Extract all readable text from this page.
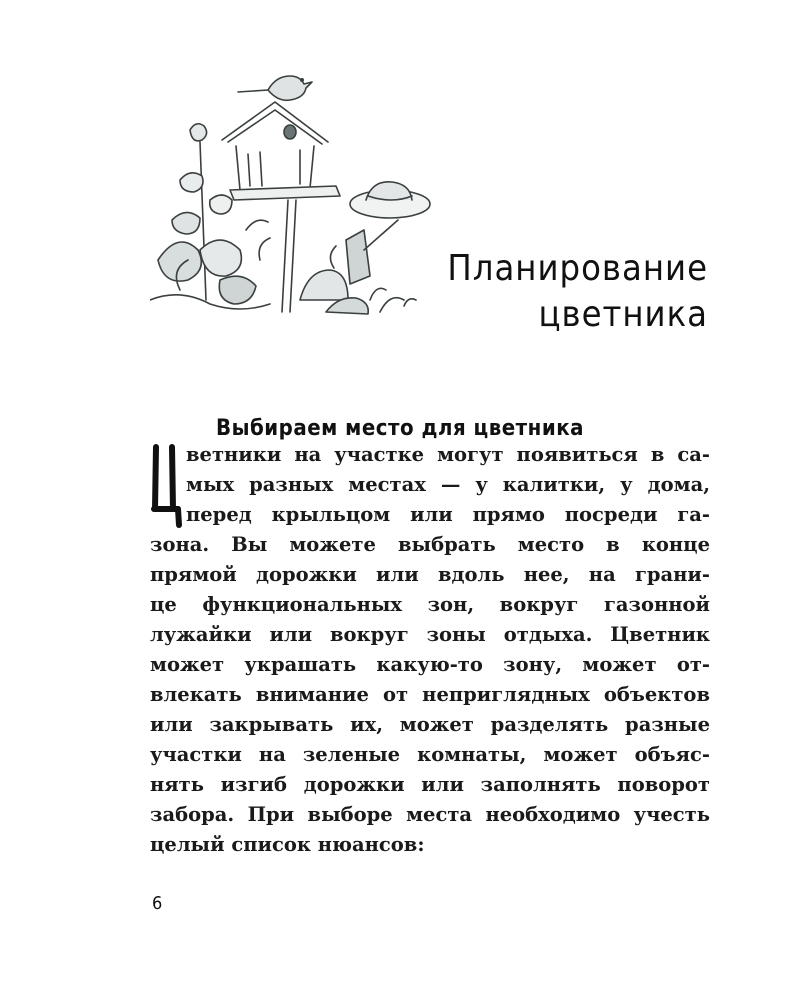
Планирование
цветника
Выбираем место для цветника
Ц	ветники на участке могут появиться в са-
мых разных местах — у калитки, у дома,
перед крыльцом или прямо посреди га-
зона. Вы можете выбрать место в конце
прямой дорожки или вдоль нее, на грани-
це функциональных зон, вокруг газонной
лужайки или вокруг зоны отдыха. Цветник
может украшать какую-то зону, может от-
влекать внимание от неприглядных объектов
или закрывать их, может разделять разные
участки на зеленые комнаты, может объяс-
нять изгиб дорожки или заполнять поворот
забора. При выборе места необходимо учесть
целый список нюансов:
6
